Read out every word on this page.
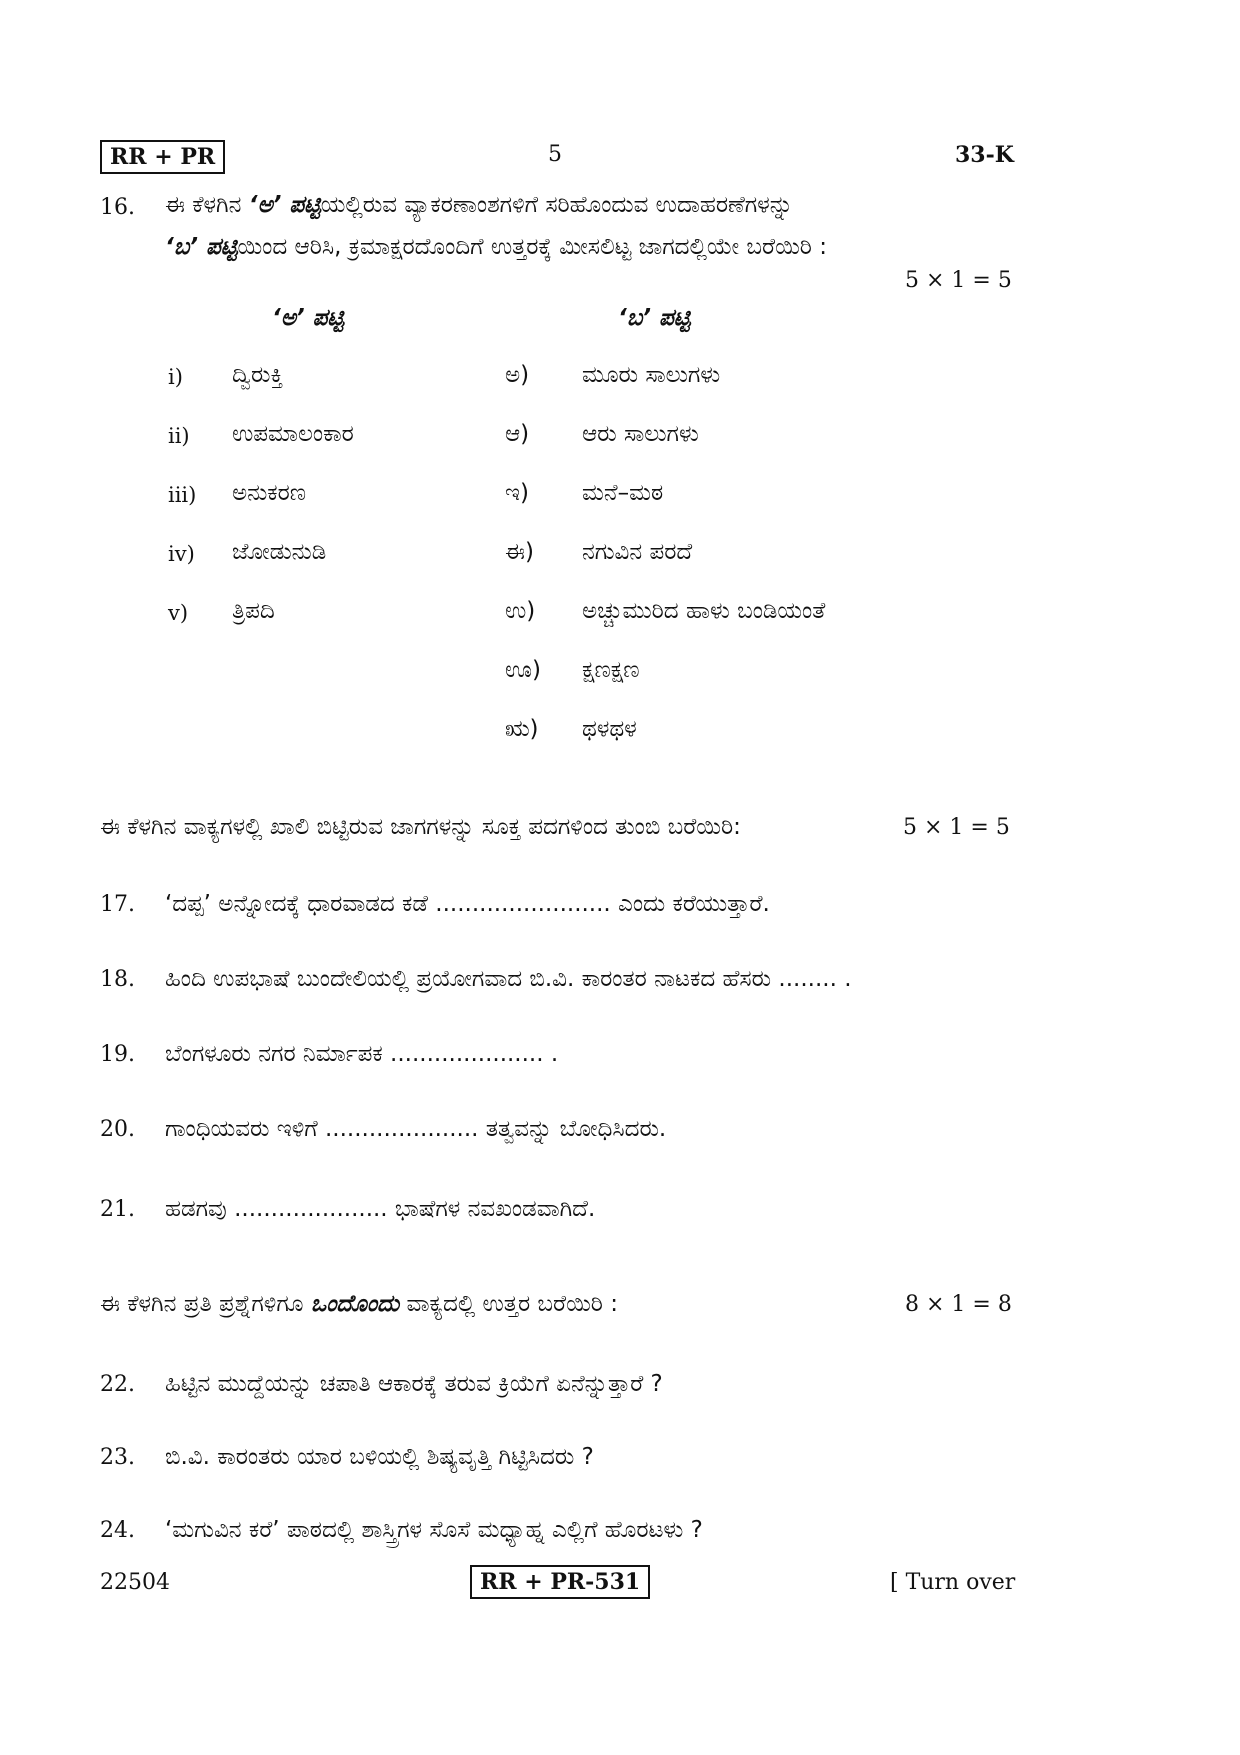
RR + PR	5	33-K
16. ಈ ಕೆಳಗಿನ ‘ಅ’ ಪಟ್ಟಿಯಲ್ಲಿರುವ ವ್ಯಾಕರಣಾಂಶಗಳಿಗೆ ಸರಿಹೊಂದುವ ಉದಾಹರಣೆಗಳನ್ನು
‘ಬ’ ಪಟ್ಟಿಯಿಂದ ಆರಿಸಿ, ಕ್ರಮಾಕ್ಷರದೊಂದಿಗೆ ಉತ್ತರಕ್ಕೆ ಮೀಸಲಿಟ್ಟ ಜಾಗದಲ್ಲಿಯೇ ಬರೆಯಿರಿ :
5 × 1 = 5
‘ಅ’ ಪಟ್ಟಿ	‘ಬ’ ಪಟ್ಟಿ
i) ದ್ವಿರುಕ್ತಿ
ii) ಉಪಮಾಲಂಕಾರ
iii) ಅನುಕರಣ
iv) ಜೋಡುನುಡಿ
v) ತ್ರಿಪದಿ
ಅ) ಮೂರು ಸಾಲುಗಳು
ಆ) ಆರು ಸಾಲುಗಳು
ಇ) ಮನೆ–ಮಠ
ಈ) ನಗುವಿನ ಪರದೆ
ಉ) ಅಚ್ಚುಮುರಿದ ಹಾಳು ಬಂಡಿಯಂತೆ
ಊ) ಕ್ಷಣಕ್ಷಣ
ಋ) ಥಳಥಳ
ಈ ಕೆಳಗಿನ ವಾಕ್ಯಗಳಲ್ಲಿ ಖಾಲಿ ಬಿಟ್ಟಿರುವ ಜಾಗಗಳನ್ನು ಸೂಕ್ತ ಪದಗಳಿಂದ ತುಂಬಿ ಬರೆಯಿರಿ:	5 × 1 = 5
17. ‘ದಪ್ಪ’ ಅನ್ನೋದಕ್ಕೆ ಧಾರವಾಡದ ಕಡೆ ........................ ಎಂದು ಕರೆಯುತ್ತಾರೆ.
18. ಹಿಂದಿ ಉಪಭಾಷೆ ಬುಂದೇಲಿಯಲ್ಲಿ ಪ್ರಯೋಗವಾದ ಬಿ.ವಿ. ಕಾರಂತರ ನಾಟಕದ ಹೆಸರು ........ .
19. ಬೆಂಗಳೂರು ನಗರ ನಿರ್ಮಾಪಕ ..................... .
20. ಗಾಂಧಿಯವರು ಇಳಿಗೆ ..................... ತತ್ವವನ್ನು ಬೋಧಿಸಿದರು.
21. ಹಡಗವು ..................... ಭಾಷೆಗಳ ನವಖಂಡವಾಗಿದೆ.
ಈ ಕೆಳಗಿನ ಪ್ರತಿ ಪ್ರಶ್ನೆಗಳಿಗೂ ಒಂದೊಂದು ವಾಕ್ಯದಲ್ಲಿ ಉತ್ತರ ಬರೆಯಿರಿ :	8 × 1 = 8
22. ಹಿಟ್ಟಿನ ಮುದ್ದೆಯನ್ನು ಚಪಾತಿ ಆಕಾರಕ್ಕೆ ತರುವ ಕ್ರಿಯೆಗೆ ಏನೆನ್ನುತ್ತಾರೆ ?
23. ಬಿ.ವಿ. ಕಾರಂತರು ಯಾರ ಬಳಿಯಲ್ಲಿ ಶಿಷ್ಯವೃತ್ತಿ ಗಿಟ್ಟಿಸಿದರು ?
24. ‘ಮಗುವಿನ ಕರೆ’ ಪಾಠದಲ್ಲಿ ಶಾಸ್ತ್ರಿಗಳ ಸೊಸೆ ಮಧ್ಯಾಹ್ನ ಎಲ್ಲಿಗೆ ಹೊರಟಳು ?
22504	RR + PR-531	[ Turn over
